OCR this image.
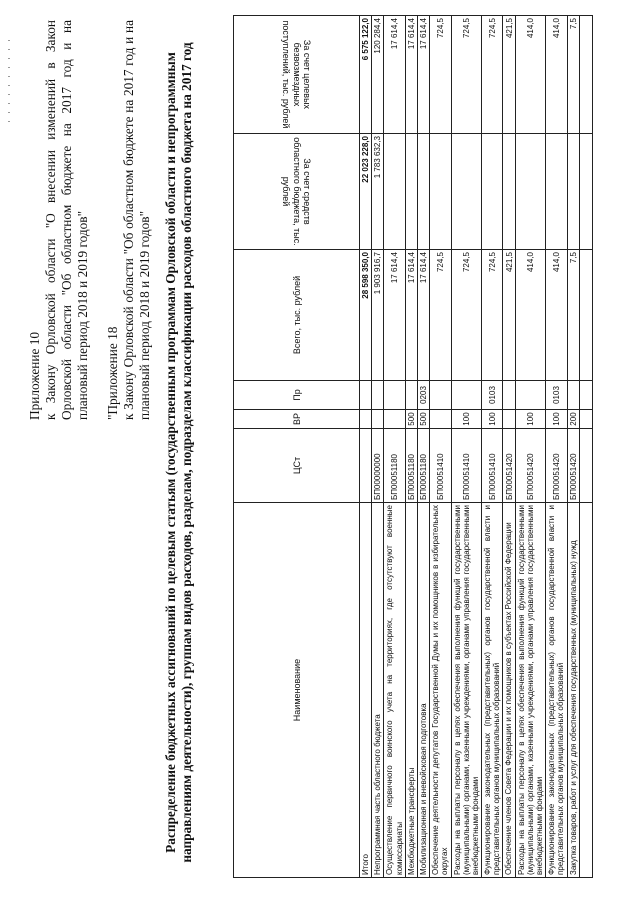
Приложение 10 к Закону Орловской области "О внесении изменений в Закон Орловской области "Об областном бюджете на 2017 год и на плановый период 2018 и 2019 годов" "Приложение 18 к Закону Орловской области "Об областном бюджете на 2017 год и на плановый период 2018 и 2019 годов" Распределение бюджетных ассигнований по целевым статьям (государственным программам Орловской области и непрограммным направлениям деятельности), группам видов расходов, разделам, подразделам классификации расходов областного бюджета на 2017 год	Наименование	ЦСт	ВР	Пр	Всего, тыс. рублей	За счет средств областного бюджета, тыс. рублей	За счет целевых безвозмездных поступлений, тыс. рублей
Итого				28 598 350,0	22 023 228,0	6 575 122,0
Непрограммная часть областного бюджета	БП00000000			1 903 916,7	1 783 632,3	120 284,4
Осуществление первичного воинского учета на территориях, где отсутствуют военные комиссариаты	БП00051180			17 614,4		17 614,4
Межбюджетные трансферты	БП00051180	500		17 614,4		17 614,4
Мобилизационная и вневойсковая подготовка	БП00051180	500	0203	17 614,4		17 614,4
Обеспечение деятельности депутатов Государственной Думы и их помощников в избирательных округах	БП00051410			724,5		724,5
Расходы на выплаты персоналу в целях обеспечения выполнения функций государственными (муниципальными) органами, казенными учреждениями, органами управления государственными внебюджетными фондами	БП00051410	100		724,5		724,5
Функционирование законодательных (представительных) органов государственной власти и представительных органов муниципальных образований	БП00051410	100	0103	724,5		724,5
Обеспечение членов Совета Федерации и их помощников в субъектах Российской Федерации	БП00051420			421,5		421,5
Расходы на выплаты персоналу в целях обеспечения выполнения функций государственными (муниципальными) органами, казенными учреждениями, органами управления государственными внебюджетными фондами	БП00051420	100		414,0		414,0
Функционирование законодательных (представительных) органов государственной власти и представительных органов муниципальных образований	БП00051420	100	0103	414,0		414,0
Закупка товаров, работ и услуг для обеспечения государственных (муниципальных) нужд	БП00051420	200		7,5		7,5
